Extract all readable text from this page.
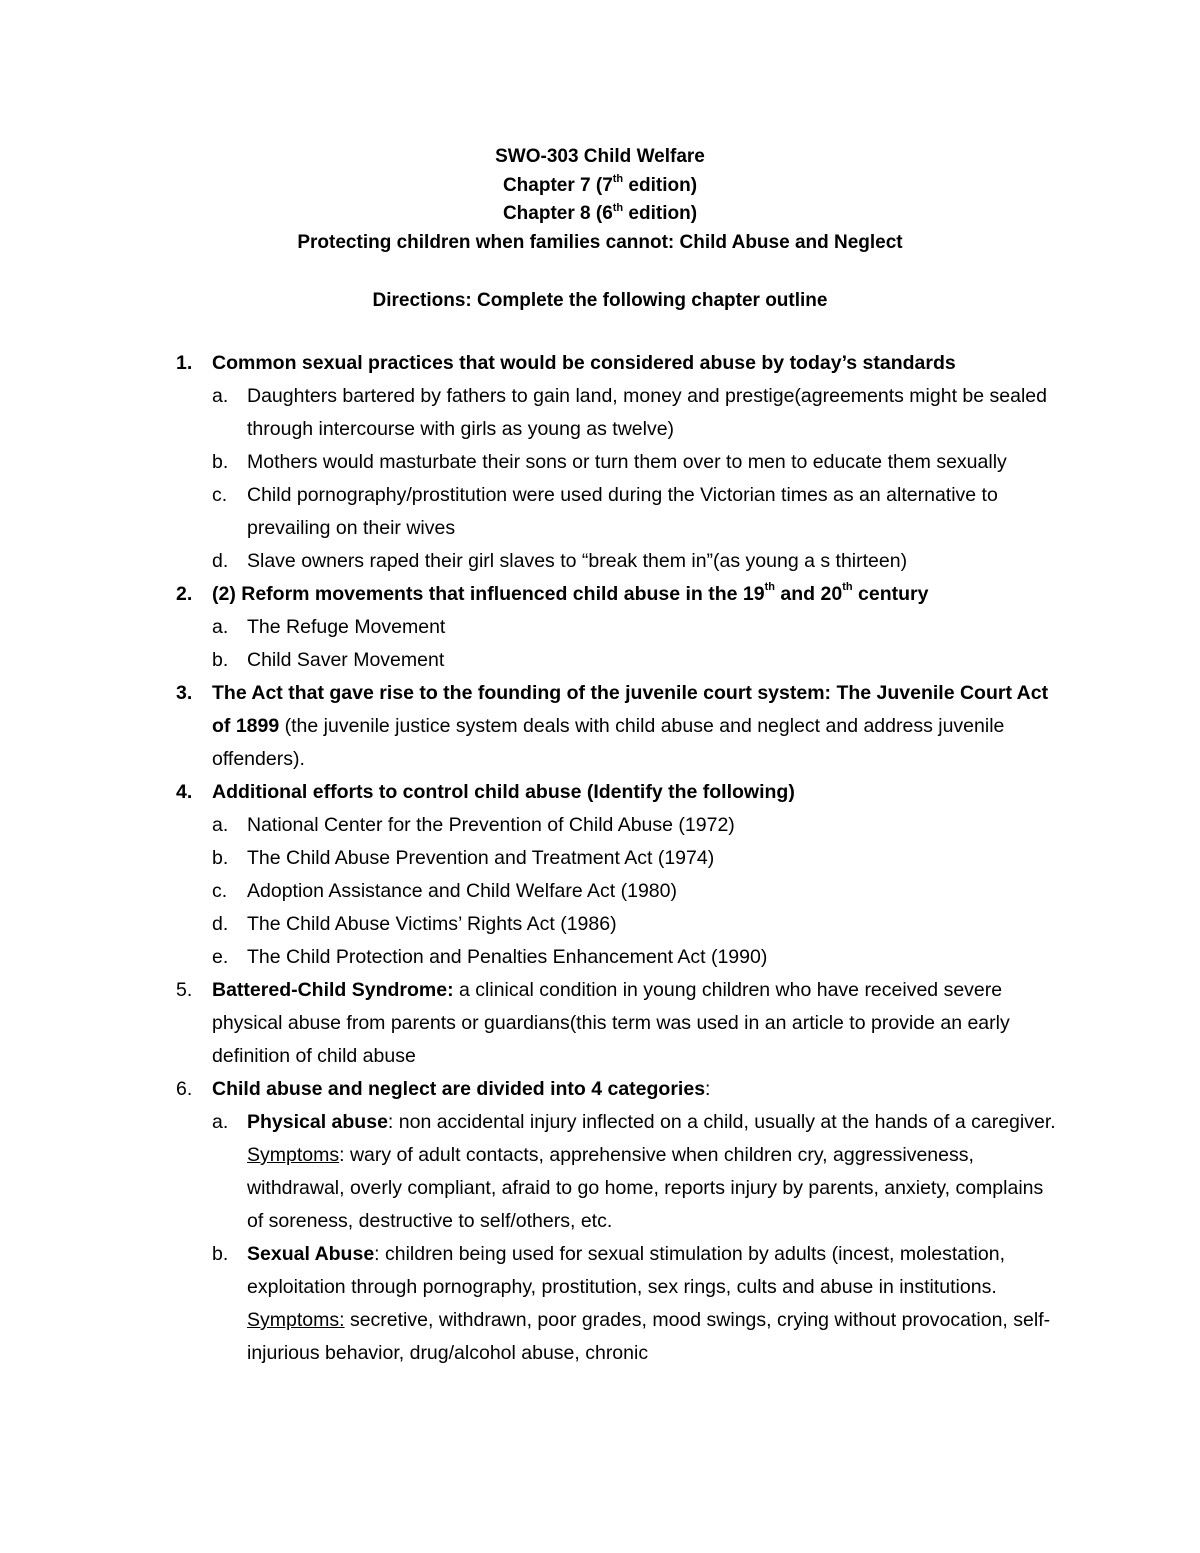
SWO-303 Child Welfare
Chapter 7 (7th edition)
Chapter 8 (6th edition)
Protecting children when families cannot: Child Abuse and Neglect
Directions: Complete the following chapter outline
1. Common sexual practices that would be considered abuse by today’s standards
a. Daughters bartered by fathers to gain land, money and prestige(agreements might be sealed through intercourse with girls as young as twelve)
b. Mothers would masturbate their sons or turn them over to men to educate them sexually
c. Child pornography/prostitution were used during the Victorian times as an alternative to prevailing on their wives
d. Slave owners raped their girl slaves to “break them in”(as young a s thirteen)
2. (2) Reform movements that influenced child abuse in the 19th and 20th century
a. The Refuge Movement
b. Child Saver Movement
3. The Act that gave rise to the founding of the juvenile court system: The Juvenile Court Act of 1899 (the juvenile justice system deals with child abuse and neglect and address juvenile offenders).
4. Additional efforts to control child abuse (Identify the following)
a. National Center for the Prevention of Child Abuse (1972)
b. The Child Abuse Prevention and Treatment Act (1974)
c. Adoption Assistance and Child Welfare Act (1980)
d. The Child Abuse Victims’ Rights Act (1986)
e. The Child Protection and Penalties Enhancement Act (1990)
5. Battered-Child Syndrome: a clinical condition in young children who have received severe physical abuse from parents or guardians(this term was used in an article to provide an early definition of child abuse
6. Child abuse and neglect are divided into 4 categories:
a. Physical abuse: non accidental injury inflected on a child, usually at the hands of a caregiver. Symptoms: wary of adult contacts, apprehensive when children cry, aggressiveness, withdrawal, overly compliant, afraid to go home, reports injury by parents, anxiety, complains of soreness, destructive to self/others, etc.
b. Sexual Abuse: children being used for sexual stimulation by adults (incest, molestation, exploitation through pornography, prostitution, sex rings, cults and abuse in institutions. Symptoms: secretive, withdrawn, poor grades, mood swings, crying without provocation, self-injurious behavior, drug/alcohol abuse, chronic
